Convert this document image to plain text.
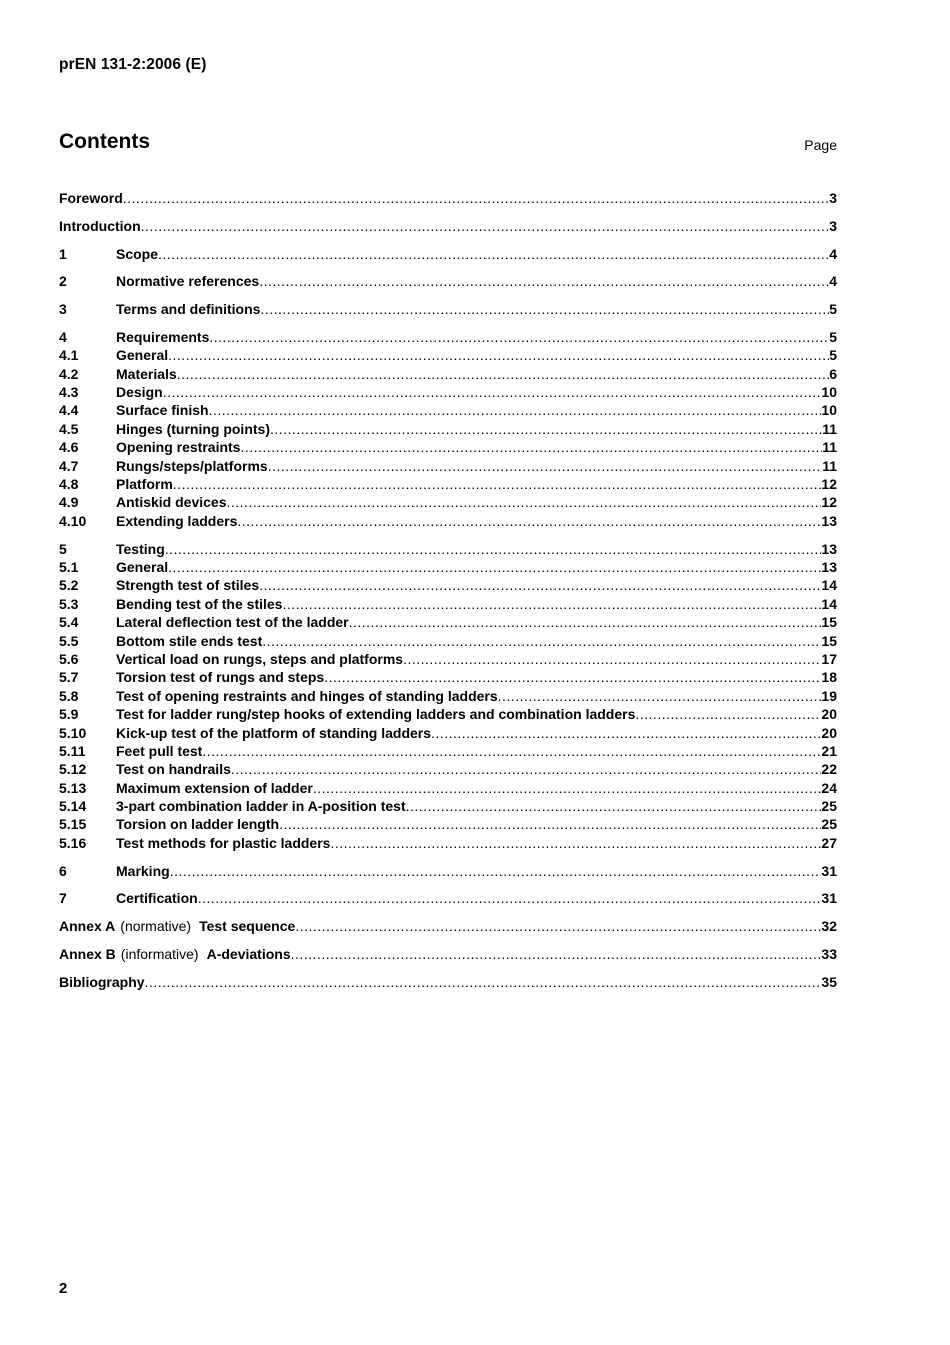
prEN 131-2:2006 (E)
Contents	Page
Foreword .....	3
Introduction .....	3
1	Scope .....	4
2	Normative references .....	4
3	Terms and definitions .....	5
4	Requirements .....	5
4.1	General .....	5
4.2	Materials .....	6
4.3	Design .....	10
4.4	Surface finish .....	10
4.5	Hinges (turning points) .....	11
4.6	Opening restraints .....	11
4.7	Rungs/steps/platforms .....	11
4.8	Platform .....	12
4.9	Antiskid devices .....	12
4.10	Extending ladders .....	13
5	Testing .....	13
5.1	General .....	13
5.2	Strength test of stiles .....	14
5.3	Bending test of the stiles .....	14
5.4	Lateral deflection test of the ladder .....	15
5.5	Bottom stile ends test .....	15
5.6	Vertical load on rungs, steps and platforms .....	17
5.7	Torsion test of rungs and steps .....	18
5.8	Test of opening restraints and hinges of standing ladders .....	19
5.9	Test for ladder rung/step hooks of extending ladders and combination ladders .....	20
5.10	Kick-up test of the platform of standing ladders .....	20
5.11	Feet pull test .....	21
5.12	Test on handrails .....	22
5.13	Maximum extension of ladder .....	24
5.14	3-part combination ladder in A-position test .....	25
5.15	Torsion on ladder length .....	25
5.16	Test methods for plastic ladders .....	27
6	Marking .....	31
7	Certification .....	31
Annex A (normative) Test sequence .....	32
Annex B (informative) A-deviations .....	33
Bibliography .....	35
2
